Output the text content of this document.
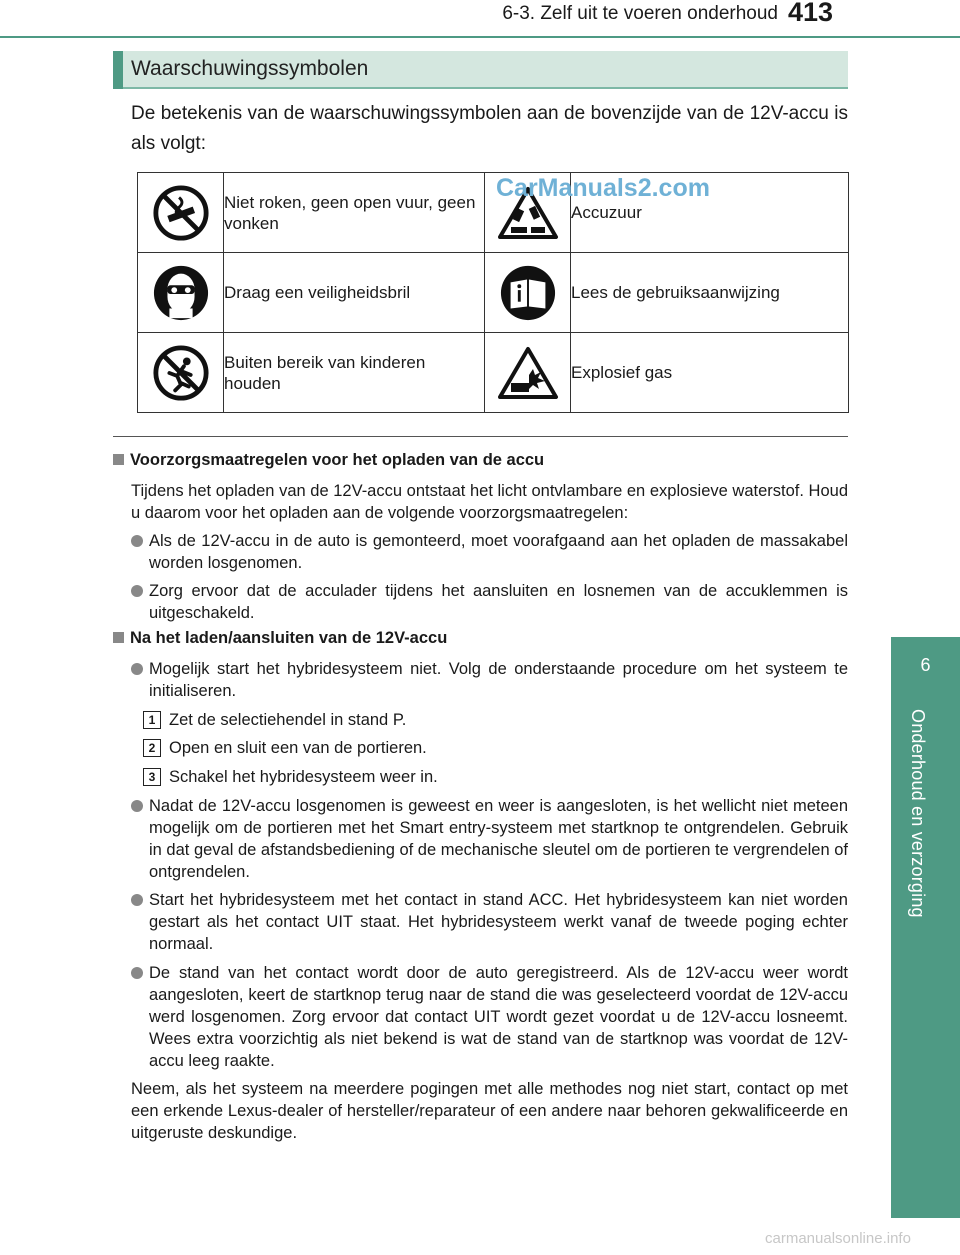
6-3. Zelf uit te voeren onderhoud 413
6
Onderhoud en verzorging
Waarschuwingssymbolen
De betekenis van de waarschuwingssymbolen aan de bovenzijde van de 12V-accu is als volgt:
	Niet roken, geen open vuur, geen vonken		Accuzuur

	Draag een veiligheidsbril		Lees de gebruiksaanwijzing

	Buiten bereik van kinderen houden		Explosief gas
CarManuals2.com
Voorzorgsmaatregelen voor het opladen van de accu
Tijdens het opladen van de 12V-accu ontstaat het licht ontvlambare en explosieve waterstof. Houd u daarom voor het opladen aan de volgende voorzorgsmaatregelen:
Als de 12V-accu in de auto is gemonteerd, moet voorafgaand aan het opladen de massakabel worden losgenomen.
Zorg ervoor dat de acculader tijdens het aansluiten en losnemen van de accuklemmen is uitgeschakeld.
Na het laden/aansluiten van de 12V-accu
Mogelijk start het hybridesysteem niet. Volg de onderstaande procedure om het systeem te initialiseren.
1 Zet de selectiehendel in stand P.
2 Open en sluit een van de portieren.
3 Schakel het hybridesysteem weer in.
Nadat de 12V-accu losgenomen is geweest en weer is aangesloten, is het wellicht niet meteen mogelijk om de portieren met het Smart entry-systeem met startknop te ontgrendelen. Gebruik in dat geval de afstandsbediening of de mechanische sleutel om de portieren te vergrendelen of ontgrendelen.
Start het hybridesysteem met het contact in stand ACC. Het hybridesysteem kan niet worden gestart als het contact UIT staat. Het hybridesysteem werkt vanaf de tweede poging echter normaal.
De stand van het contact wordt door de auto geregistreerd. Als de 12V-accu weer wordt aangesloten, keert de startknop terug naar de stand die was geselecteerd voordat de 12V-accu werd losgenomen. Zorg ervoor dat contact UIT wordt gezet voordat u de 12V-accu losneemt. Wees extra voorzichtig als niet bekend is wat de stand van de startknop was voordat de 12V-accu leeg raakte.
Neem, als het systeem na meerdere pogingen met alle methodes nog niet start, contact op met een erkende Lexus-dealer of hersteller/reparateur of een andere naar behoren gekwalificeerde en uitgeruste deskundige.
carmanualsonline.info
